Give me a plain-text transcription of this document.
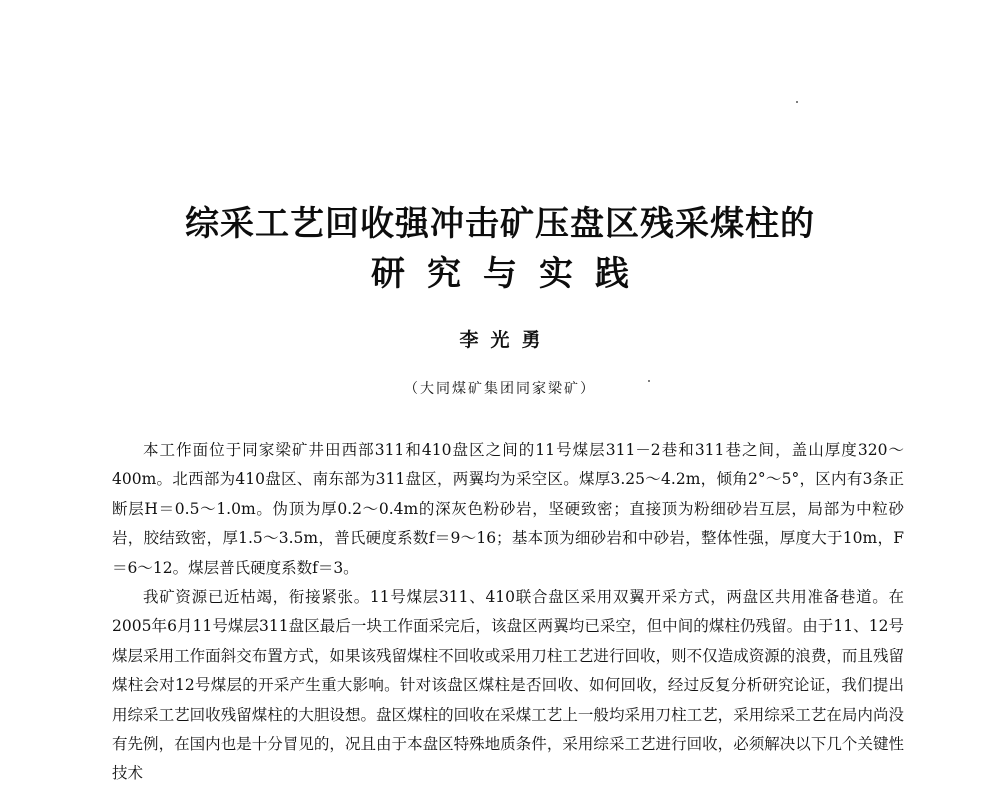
综采工艺回收强冲击矿压盘区残采煤柱的
研究与实践
李光勇
（大同煤矿集团同家梁矿）

本工作面位于同家梁矿井田西部311和410盘区之间的11号煤层311－2巷和311巷之间，盖山厚度320～400m。北西部为410盘区、南东部为311盘区，两翼均为采空区。煤厚3.25～4.2m，倾角2°～5°，区内有3条正断层H＝0.5～1.0m。伪顶为厚0.2～0.4m的深灰色粉砂岩，坚硬致密；直接顶为粉细砂岩互层，局部为中粒砂岩，胶结致密，厚1.5～3.5m，普氏硬度系数f＝9～16；基本顶为细砂岩和中砂岩，整体性强，厚度大于10m，F＝6～12。煤层普氏硬度系数f＝3。

我矿资源已近枯竭，衔接紧张。11号煤层311、410联合盘区采用双翼开采方式，两盘区共用准备巷道。在2005年6月11号煤层311盘区最后一块工作面采完后，该盘区两翼均已采空，但中间的煤柱仍残留。由于11、12号煤层采用工作面斜交布置方式，如果该残留煤柱不回收或采用刀柱工艺进行回收，则不仅造成资源的浪费，而且残留煤柱会对12号煤层的开采产生重大影响。针对该盘区煤柱是否回收、如何回收，经过反复分析研究论证，我们提出用综采工艺回收残留煤柱的大胆设想。盘区煤柱的回收在采煤工艺上一般均采用刀柱工艺，采用综采工艺在局内尚没有先例，在国内也是十分冒见的，况且由于本盘区特殊地质条件，采用综采工艺进行回收，必须解决以下几个关键性技术
